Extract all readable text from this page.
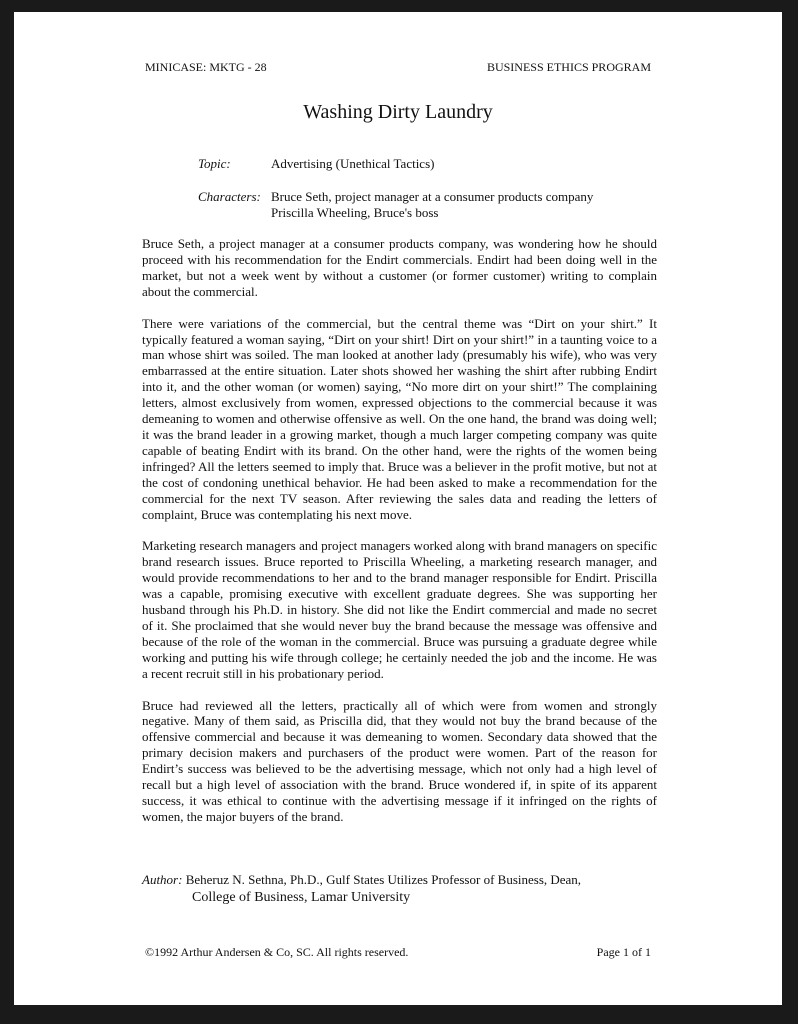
MINICASE: MKTG - 28	BUSINESS ETHICS PROGRAM
Washing Dirty Laundry
Topic:	Advertising (Unethical Tactics)
Characters: Bruce Seth, project manager at a consumer products company
Priscilla Wheeling, Bruce's boss

Bruce Seth, a project manager at a consumer products company, was wondering how he should proceed with his recommendation for the Endirt commercials. Endirt had been doing well in the market, but not a week went by without a customer (or former customer) writing to complain about the commercial.

There were variations of the commercial, but the central theme was “Dirt on your shirt.” It typically featured a woman saying, “Dirt on your shirt! Dirt on your shirt!” in a taunting voice to a man whose shirt was soiled. The man looked at another lady (presumably his wife), who was very embarrassed at the entire situation. Later shots showed her washing the shirt after rubbing Endirt into it, and the other woman (or women) saying, “No more dirt on your shirt!” The complaining letters, almost exclusively from women, expressed objections to the commercial because it was demeaning to women and otherwise offensive as well. On the one hand, the brand was doing well; it was the brand leader in a growing market, though a much larger competing company was quite capable of beating Endirt with its brand. On the other hand, were the rights of the women being infringed? All the letters seemed to imply that. Bruce was a believer in the profit motive, but not at the cost of condoning unethical behavior. He had been asked to make a recommendation for the commercial for the next TV season. After reviewing the sales data and reading the letters of complaint, Bruce was contemplating his next move.

Marketing research managers and project managers worked along with brand managers on specific brand research issues. Bruce reported to Priscilla Wheeling, a marketing research manager, and would provide recommendations to her and to the brand manager responsible for Endirt. Priscilla was a capable, promising executive with excellent graduate degrees. She was supporting her husband through his Ph.D. in history. She did not like the Endirt commercial and made no secret of it. She proclaimed that she would never buy the brand because the message was offensive and because of the role of the woman in the commercial. Bruce was pursuing a graduate degree while working and putting his wife through college; he certainly needed the job and the income. He was a recent recruit still in his probationary period.

Bruce had reviewed all the letters, practically all of which were from women and strongly negative. Many of them said, as Priscilla did, that they would not buy the brand because of the offensive commercial and because it was demeaning to women. Secondary data showed that the primary decision makers and purchasers of the product were women. Part of the reason for Endirt’s success was believed to be the advertising message, which not only had a high level of recall but a high level of association with the brand. Bruce wondered if, in spite of its apparent success, it was ethical to continue with the advertising message if it infringed on the rights of women, the major buyers of the brand.

Author: Beheruz N. Sethna, Ph.D., Gulf States Utilizes Professor of Business, Dean,
College of Business, Lamar University
©1992 Arthur Andersen & Co, SC. All rights reserved.	Page 1 of 1
